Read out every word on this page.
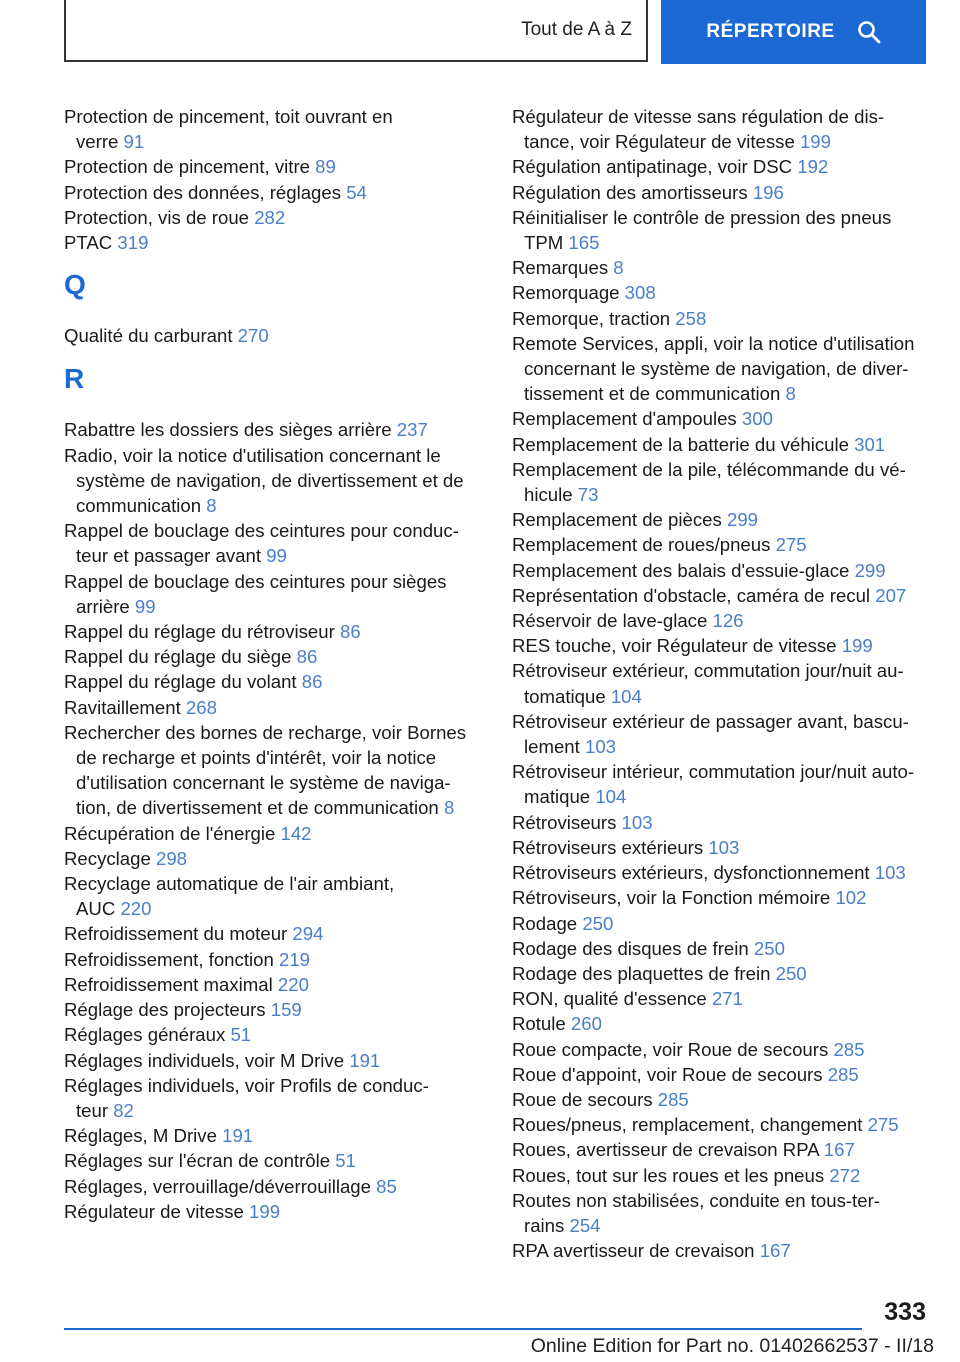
Tout de A à Z	RÉPERTOIRE
Protection de pincement, toit ouvrant en
verre 91
Protection de pincement, vitre 89
Protection des données, réglages 54
Protection, vis de roue 282
PTAC 319
Q
Qualité du carburant 270
R
Rabattre les dossiers des sièges arrière 237
Radio, voir la notice d'utilisation concernant le
système de navigation, de divertissement et de
communication 8
Rappel de bouclage des ceintures pour conduc-
teur et passager avant 99
Rappel de bouclage des ceintures pour sièges
arrière 99
Rappel du réglage du rétroviseur 86
Rappel du réglage du siège 86
Rappel du réglage du volant 86
Ravitaillement 268
Rechercher des bornes de recharge, voir Bornes
de recharge et points d'intérêt, voir la notice
d'utilisation concernant le système de naviga-
tion, de divertissement et de communication 8
Récupération de l'énergie 142
Recyclage 298
Recyclage automatique de l'air ambiant,
AUC 220
Refroidissement du moteur 294
Refroidissement, fonction 219
Refroidissement maximal 220
Réglage des projecteurs 159
Réglages généraux 51
Réglages individuels, voir M Drive 191
Réglages individuels, voir Profils de conduc-
teur 82
Réglages, M Drive 191
Réglages sur l'écran de contrôle 51
Réglages, verrouillage/déverrouillage 85
Régulateur de vitesse 199
Régulateur de vitesse sans régulation de dis-
tance, voir Régulateur de vitesse 199
Régulation antipatinage, voir DSC 192
Régulation des amortisseurs 196
Réinitialiser le contrôle de pression des pneus
TPM 165
Remarques 8
Remorquage 308
Remorque, traction 258
Remote Services, appli, voir la notice d'utilisation
concernant le système de navigation, de diver-
tissement et de communication 8
Remplacement d'ampoules 300
Remplacement de la batterie du véhicule 301
Remplacement de la pile, télécommande du vé-
hicule 73
Remplacement de pièces 299
Remplacement de roues/pneus 275
Remplacement des balais d'essuie-glace 299
Représentation d'obstacle, caméra de recul 207
Réservoir de lave-glace 126
RES touche, voir Régulateur de vitesse 199
Rétroviseur extérieur, commutation jour/nuit au-
tomatique 104
Rétroviseur extérieur de passager avant, bascu-
lement 103
Rétroviseur intérieur, commutation jour/nuit auto-
matique 104
Rétroviseurs 103
Rétroviseurs extérieurs 103
Rétroviseurs extérieurs, dysfonctionnement 103
Rétroviseurs, voir la Fonction mémoire 102
Rodage 250
Rodage des disques de frein 250
Rodage des plaquettes de frein 250
RON, qualité d'essence 271
Rotule 260
Roue compacte, voir Roue de secours 285
Roue d'appoint, voir Roue de secours 285
Roue de secours 285
Roues/pneus, remplacement, changement 275
Roues, avertisseur de crevaison RPA 167
Roues, tout sur les roues et les pneus 272
Routes non stabilisées, conduite en tous-ter-
rains 254
RPA avertisseur de crevaison 167
333
Online Edition for Part no. 01402662537 - II/18
